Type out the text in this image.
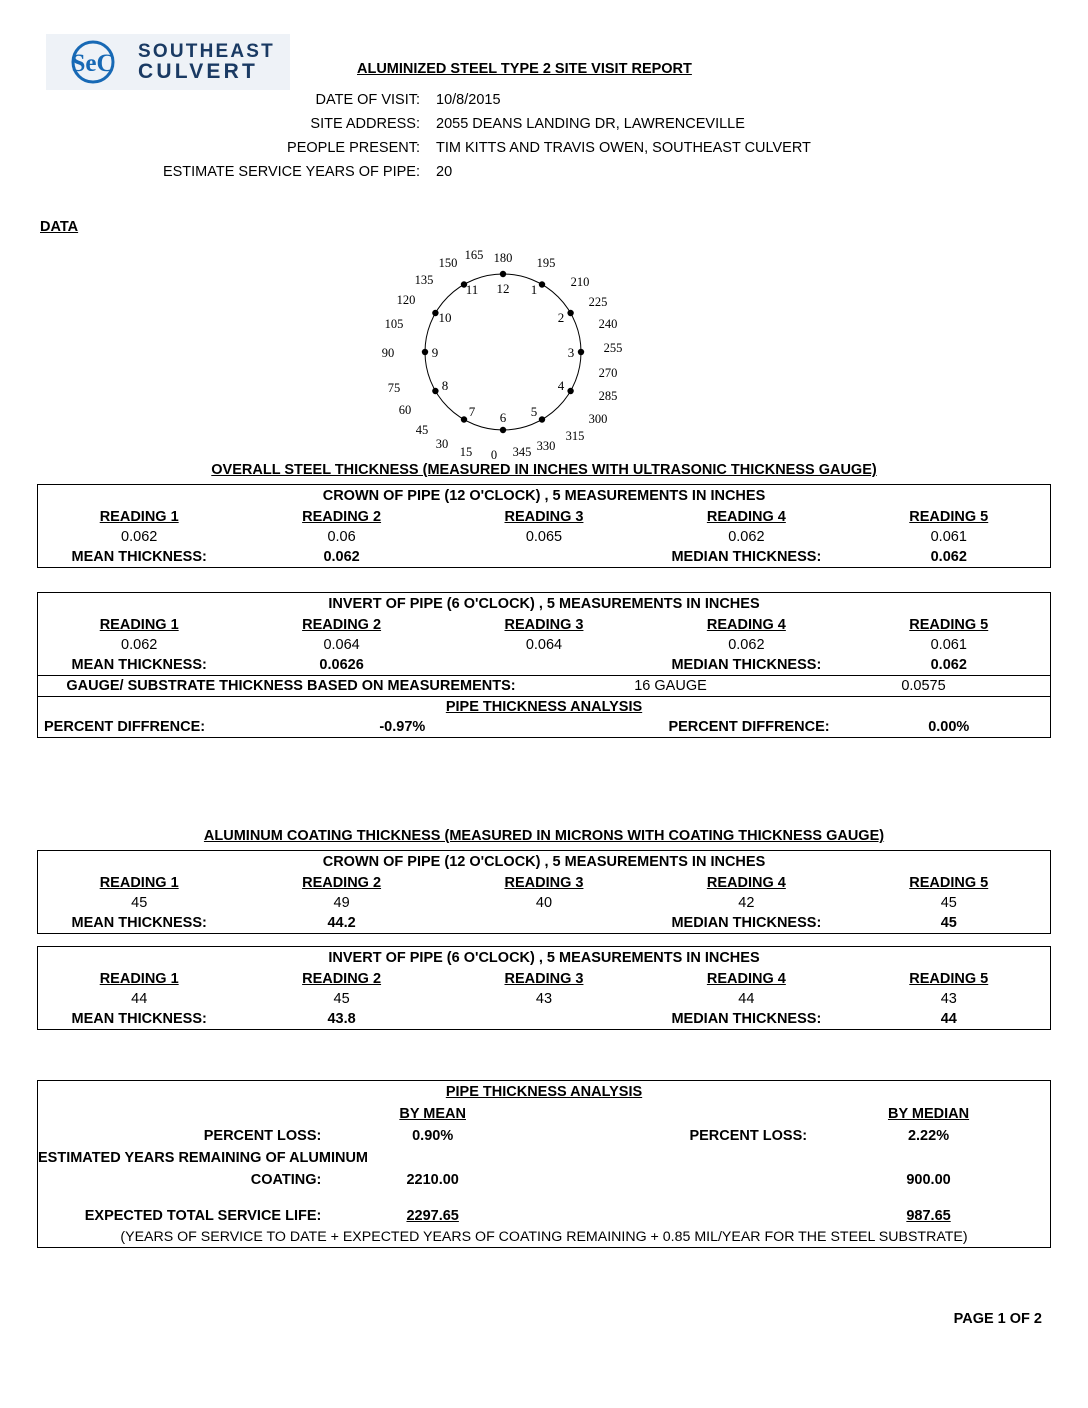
SeC SOUTHEAST
CULVERT	ALUMINIZED STEEL TYPE 2 SITE VISIT REPORT
DATE OF VISIT:	10/8/2015
SITE ADDRESS:	2055 DEANS LANDING DR, LAWRENCEVILLE
PEOPLE PRESENT:	TIM KITTS AND TRAVIS OWEN, SOUTHEAST CULVERT
ESTIMATE SERVICE YEARS OF PIPE:	20
DATA
12 1
2
3
4
5
6
7
8
9
10
11
180 195
210
225
240
255
270
285
300
315
330
345
0
15
30
45
60
75
90
105
120
135
150
165
OVERALL STEEL THICKNESS (MEASURED IN INCHES WITH ULTRASONIC THICKNESS GAUGE)
CROWN OF PIPE (12 O'CLOCK) , 5 MEASUREMENTS IN INCHES
READING 1	READING 2	READING 3	READING 4	READING 5
0.062	0.06	0.065	0.062	0.061
MEAN THICKNESS:	0.062	MEDIAN THICKNESS:	0.062
INVERT OF PIPE (6 O'CLOCK) , 5 MEASUREMENTS IN INCHES
READING 1	READING 2	READING 3	READING 4	READING 5
0.062	0.064	0.064	0.062	0.061
MEAN THICKNESS:	0.0626	MEDIAN THICKNESS:	0.062
GAUGE/ SUBSTRATE THICKNESS BASED ON MEASUREMENTS:	16 GAUGE	0.0575
PIPE THICKNESS ANALYSIS
PERCENT DIFFRENCE:	-0.97%	PERCENT DIFFRENCE:	0.00%
ALUMINUM COATING THICKNESS (MEASURED IN MICRONS WITH COATING THICKNESS GAUGE)
CROWN OF PIPE (12 O'CLOCK) , 5 MEASUREMENTS IN INCHES
READING 1	READING 2	READING 3	READING 4	READING 5
45	49	40	42	45
MEAN THICKNESS:	44.2	MEDIAN THICKNESS:	45
INVERT OF PIPE (6 O'CLOCK) , 5 MEASUREMENTS IN INCHES
READING 1	READING 2	READING 3	READING 4	READING 5
44	45	43	44	43
MEAN THICKNESS:	43.8	MEDIAN THICKNESS:	44
PIPE THICKNESS ANALYSIS
BY MEAN	BY MEDIAN
PERCENT LOSS:	0.90%	PERCENT LOSS:	2.22%
ESTIMATED YEARS REMAINING OF ALUMINUM
COATING:	2210.00	900.00
EXPECTED TOTAL SERVICE LIFE:	2297.65	987.65
(YEARS OF SERVICE TO DATE + EXPECTED YEARS OF COATING REMAINING + 0.85 MIL/YEAR FOR THE STEEL SUBSTRATE)
PAGE 1 OF 2
